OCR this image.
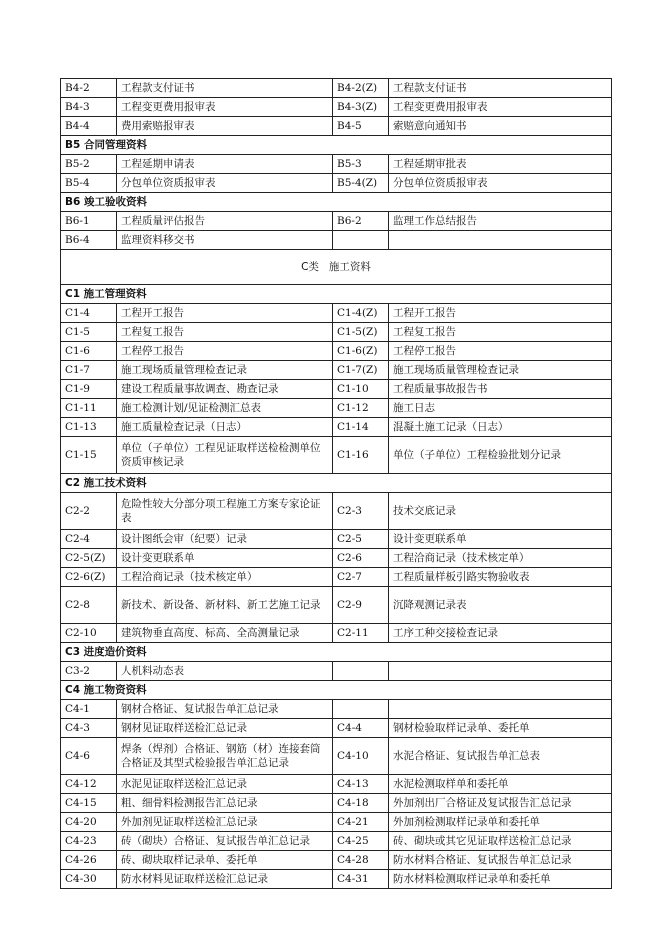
B4-2	工程款支付证书	B4-2(Z)	工程款支付证书
B4-3	工程变更费用报审表	B4-3(Z)	工程变更费用报审表
B4-4	费用索赔报审表	B4-5	索赔意向通知书
B5 合同管理资料			
B5-2	工程延期申请表	B5-3	工程延期审批表
B5-4	分包单位资质报审表	B5-4(Z)	分包单位资质报审表
B6 竣工验收资料			
B6-1	工程质量评估报告	B6-2	监理工作总结报告
B6-4	监理资料移交书		
C类 施工资料			
C1 施工管理资料			
C1-4	工程开工报告	C1-4(Z)	工程开工报告
C1-5	工程复工报告	C1-5(Z)	工程复工报告
C1-6	工程停工报告	C1-6(Z)	工程停工报告
C1-7	施工现场质量管理检查记录	C1-7(Z)	施工现场质量管理检查记录
C1-9	建设工程质量事故调查、勘查记录	C1-10	工程质量事故报告书
C1-11	施工检测计划/见证检测汇总表	C1-12	施工日志
C1-13	施工质量检查记录（日志）	C1-14	混凝土施工记录（日志）
C1-15	单位（子单位）工程见证取样送检检测单位资质审核记录	C1-16	单位（子单位）工程检验批划分记录
C2 施工技术资料			
C2-2	危险性较大分部分项工程施工方案专家论证表	C2-3	技术交底记录
C2-4	设计图纸会审（纪要）记录	C2-5	设计变更联系单
C2-5(Z)	设计变更联系单	C2-6	工程洽商记录（技术核定单）
C2-6(Z)	工程洽商记录（技术核定单）	C2-7	工程质量样板引路实物验收表
C2-8	新技术、新设备、新材料、新工艺施工记录	C2-9	沉降观测记录表
C2-10	建筑物垂直高度、标高、全高测量记录	C2-11	工序工种交接检查记录
C3 进度造价资料			
C3-2	人机料动态表		
C4 施工物资资料			
C4-1	钢材合格证、复试报告单汇总记录		
C4-3	钢材见证取样送检汇总记录	C4-4	钢材检验取样记录单、委托单
C4-6	焊条（焊剂）合格证、钢筋（材）连接套筒合格证及其型式检验报告单汇总记录	C4-10	水泥合格证、复试报告单汇总表
C4-12	水泥见证取样送检汇总记录	C4-13	水泥检测取样单和委托单
C4-15	粗、细骨料检测报告汇总记录	C4-18	外加剂出厂合格证及复试报告汇总记录
C4-20	外加剂见证取样送检汇总记录	C4-21	外加剂检测取样记录单和委托单
C4-23	砖（砌块）合格证、复试报告单汇总记录	C4-25	砖、砌块或其它见证取样送检汇总记录
C4-26	砖、砌块取样记录单、委托单	C4-28	防水材料合格证、复试报告单汇总记录
C4-30	防水材料见证取样送检汇总记录	C4-31	防水材料检测取样记录单和委托单
